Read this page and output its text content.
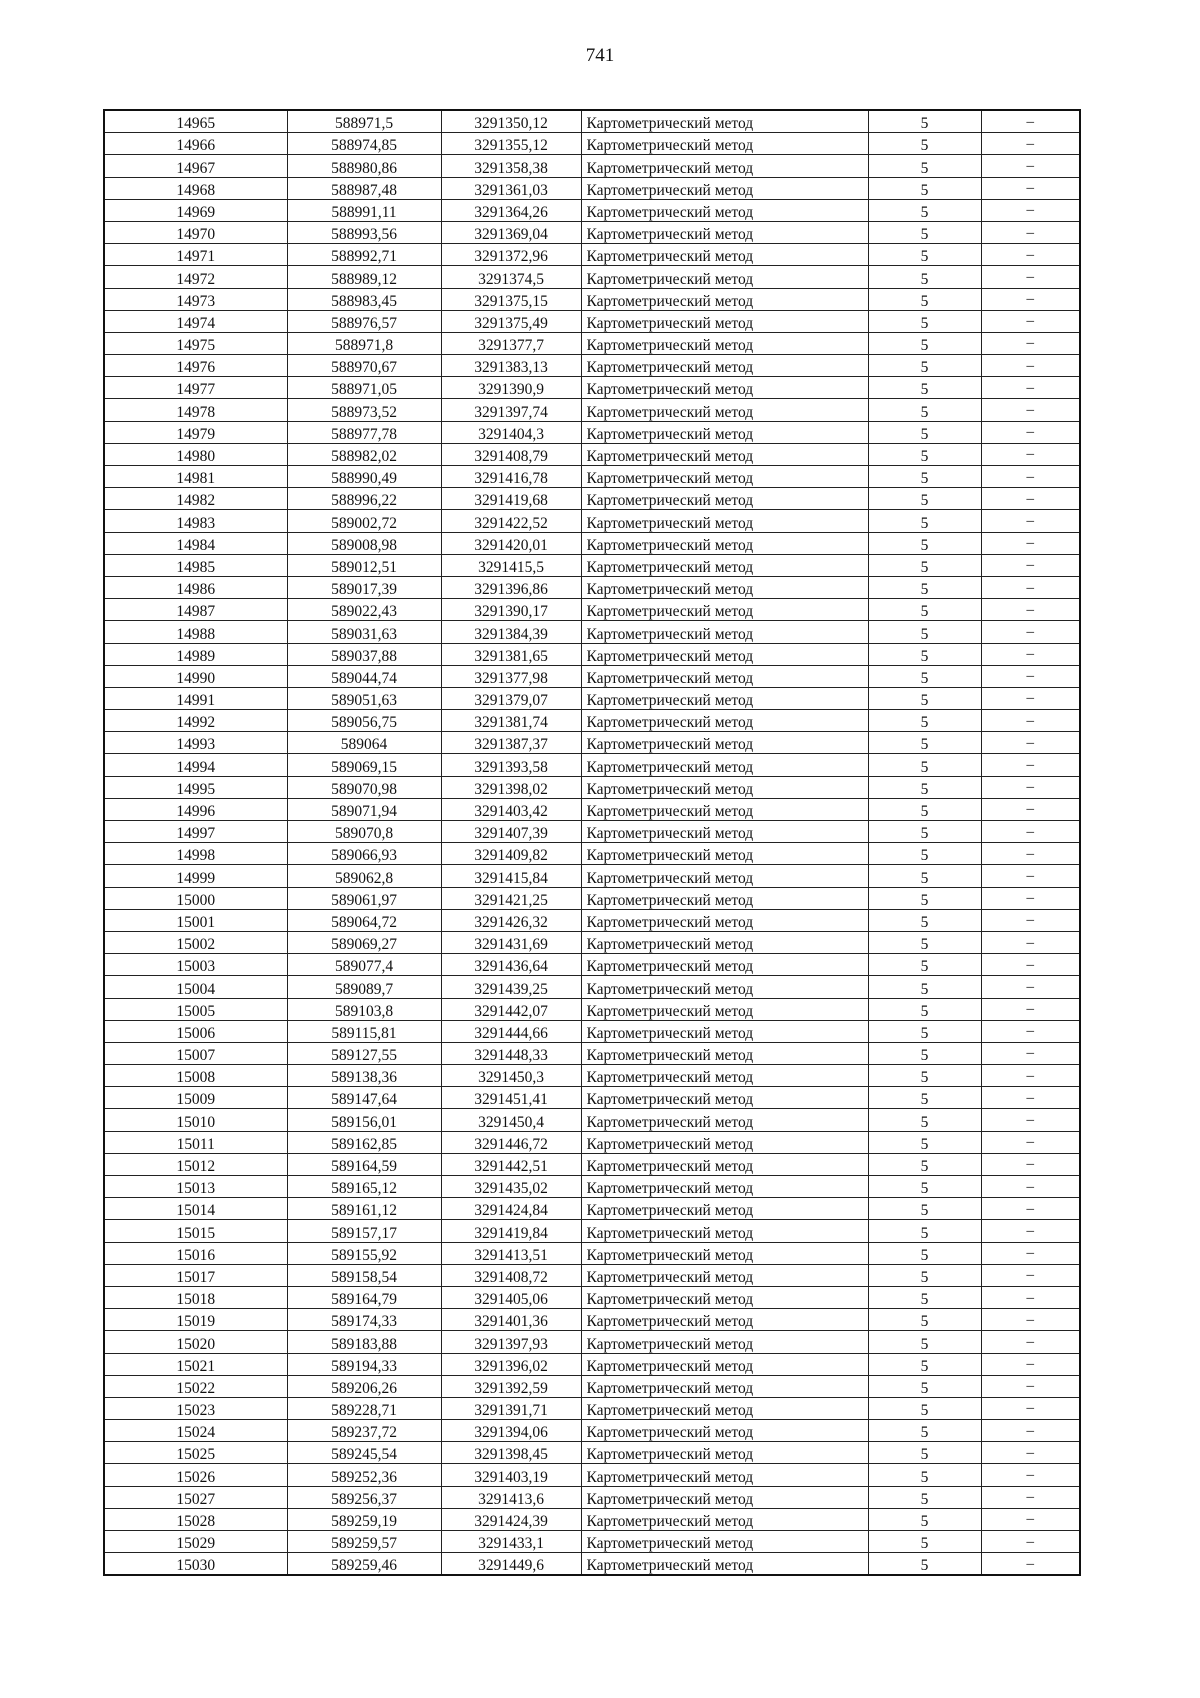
741
14965	588971,5	3291350,12	Картометрический метод	5	–
14966	588974,85	3291355,12	Картометрический метод	5	–
14967	588980,86	3291358,38	Картометрический метод	5	–
14968	588987,48	3291361,03	Картометрический метод	5	–
14969	588991,11	3291364,26	Картометрический метод	5	–
14970	588993,56	3291369,04	Картометрический метод	5	–
14971	588992,71	3291372,96	Картометрический метод	5	–
14972	588989,12	3291374,5	Картометрический метод	5	–
14973	588983,45	3291375,15	Картометрический метод	5	–
14974	588976,57	3291375,49	Картометрический метод	5	–
14975	588971,8	3291377,7	Картометрический метод	5	–
14976	588970,67	3291383,13	Картометрический метод	5	–
14977	588971,05	3291390,9	Картометрический метод	5	–
14978	588973,52	3291397,74	Картометрический метод	5	–
14979	588977,78	3291404,3	Картометрический метод	5	–
14980	588982,02	3291408,79	Картометрический метод	5	–
14981	588990,49	3291416,78	Картометрический метод	5	–
14982	588996,22	3291419,68	Картометрический метод	5	–
14983	589002,72	3291422,52	Картометрический метод	5	–
14984	589008,98	3291420,01	Картометрический метод	5	–
14985	589012,51	3291415,5	Картометрический метод	5	–
14986	589017,39	3291396,86	Картометрический метод	5	–
14987	589022,43	3291390,17	Картометрический метод	5	–
14988	589031,63	3291384,39	Картометрический метод	5	–
14989	589037,88	3291381,65	Картометрический метод	5	–
14990	589044,74	3291377,98	Картометрический метод	5	–
14991	589051,63	3291379,07	Картометрический метод	5	–
14992	589056,75	3291381,74	Картометрический метод	5	–
14993	589064	3291387,37	Картометрический метод	5	–
14994	589069,15	3291393,58	Картометрический метод	5	–
14995	589070,98	3291398,02	Картометрический метод	5	–
14996	589071,94	3291403,42	Картометрический метод	5	–
14997	589070,8	3291407,39	Картометрический метод	5	–
14998	589066,93	3291409,82	Картометрический метод	5	–
14999	589062,8	3291415,84	Картометрический метод	5	–
15000	589061,97	3291421,25	Картометрический метод	5	–
15001	589064,72	3291426,32	Картометрический метод	5	–
15002	589069,27	3291431,69	Картометрический метод	5	–
15003	589077,4	3291436,64	Картометрический метод	5	–
15004	589089,7	3291439,25	Картометрический метод	5	–
15005	589103,8	3291442,07	Картометрический метод	5	–
15006	589115,81	3291444,66	Картометрический метод	5	–
15007	589127,55	3291448,33	Картометрический метод	5	–
15008	589138,36	3291450,3	Картометрический метод	5	–
15009	589147,64	3291451,41	Картометрический метод	5	–
15010	589156,01	3291450,4	Картометрический метод	5	–
15011	589162,85	3291446,72	Картометрический метод	5	–
15012	589164,59	3291442,51	Картометрический метод	5	–
15013	589165,12	3291435,02	Картометрический метод	5	–
15014	589161,12	3291424,84	Картометрический метод	5	–
15015	589157,17	3291419,84	Картометрический метод	5	–
15016	589155,92	3291413,51	Картометрический метод	5	–
15017	589158,54	3291408,72	Картометрический метод	5	–
15018	589164,79	3291405,06	Картометрический метод	5	–
15019	589174,33	3291401,36	Картометрический метод	5	–
15020	589183,88	3291397,93	Картометрический метод	5	–
15021	589194,33	3291396,02	Картометрический метод	5	–
15022	589206,26	3291392,59	Картометрический метод	5	–
15023	589228,71	3291391,71	Картометрический метод	5	–
15024	589237,72	3291394,06	Картометрический метод	5	–
15025	589245,54	3291398,45	Картометрический метод	5	–
15026	589252,36	3291403,19	Картометрический метод	5	–
15027	589256,37	3291413,6	Картометрический метод	5	–
15028	589259,19	3291424,39	Картометрический метод	5	–
15029	589259,57	3291433,1	Картометрический метод	5	–
15030	589259,46	3291449,6	Картометрический метод	5	–
